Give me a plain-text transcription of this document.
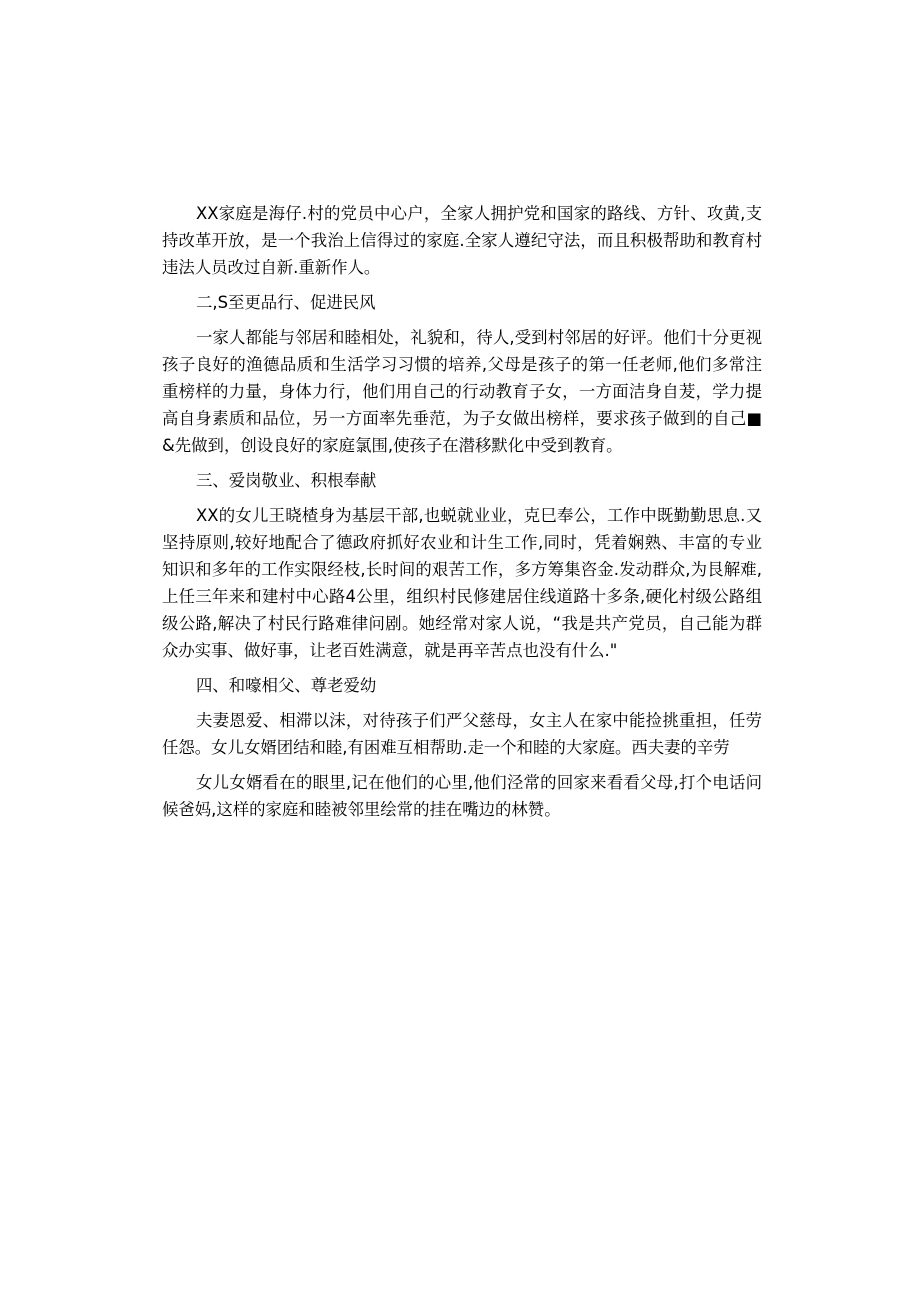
XX家庭是海仔.村的党员中心户，全家人拥护党和国家的路线、方针、攻黄,支持改革开放，是一个我治上信得过的家庭.全家人遵纪守法，而且积极帮助和教育村违法人员改过自新.重新作人。

二,S至更品行、促进民风

一家人都能与邻居和睦相处，礼貌和，待人,受到村邻居的好评。他们十分更视孩子良好的渔德品质和生活学习习惯的培养,父母是孩子的第一任老师,他们多常注重榜样的力量，身体力行，他们用自己的行动教育子女，一方面洁身自茇，学力提高自身素质和品位，另一方面率先垂范，为子女做出榜样，要求孩子做到的自己■&先做到，创设良好的家庭氯围,使孩子在潜移默化中受到教育。

三、爱岗敬业、积根奉献

XX的女儿王晓楂身为基层干部,也蜕就业业，克巳奉公，工作中既勤勤思息.又坚持原则,较好地配合了德政府抓好农业和计生工作,同时，凭着娴熟、丰富的专业知识和多年的工作实限经枝,长时间的艰苦工作，多方筹集咨金.发动群众,为艮解难,上任三年来和建村中心路4公里，组织村民修建居住线道路十多条,硬化村级公路组级公路,解决了村民行路难律问剧。她经常对家人说，“我是共产党员，自己能为群众办实事、做好事，让老百姓满意，就是再辛苦点也没有什么."

四、和嚎相父、尊老爱幼

夫妻恩爱、相滞以沫，对待孩子们严父慈母，女主人在家中能捡挑重担，任劳任怨。女儿女婿团结和睦,有困难互相帮助.走一个和睦的大家庭。西夫妻的辛劳

女儿女婿看在的眼里,记在他们的心里,他们泾常的回家来看看父母,打个电话问候爸妈,这样的家庭和睦被邻里绘常的挂在嘴边的林赞。
